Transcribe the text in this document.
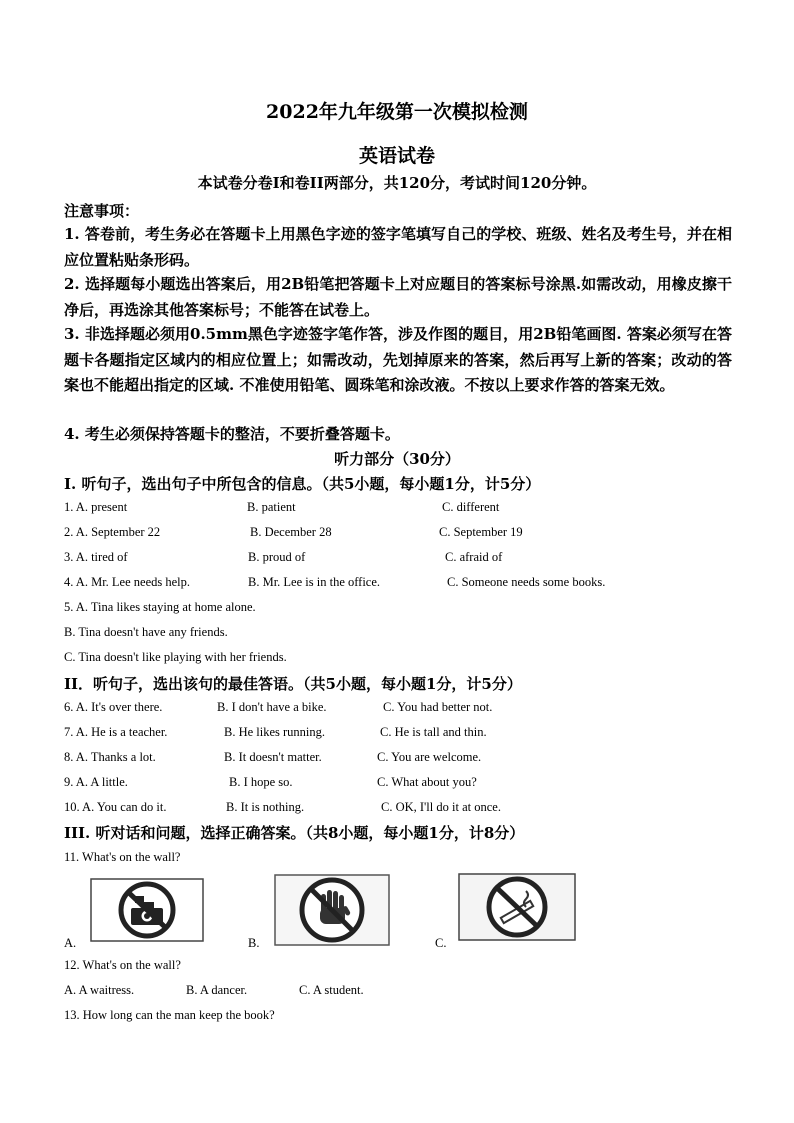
2022年九年级第一次模拟检测
英语试卷
本试卷分卷I和卷II两部分，共120分，考试时间120分钟。
注意事项：
1. 答卷前，考生务必在答题卡上用黑色字迹的签字笔填写自己的学校、班级、姓名及考生号，并在相应位置粘贴条形码。
2. 选择题每小题选出答案后，用2B铅笔把答题卡上对应题目的答案标号涂黑.如需改动，用橡皮擦干净后，再选涂其他答案标号；不能答在试卷上。
3. 非选择题必须用0.5mm黑色字迹签字笔作答，涉及作图的题目，用2B铅笔画图. 答案必须写在答题卡各题指定区域内的相应位置上；如需改动，先划掉原来的答案，然后再写上新的答案；改动的答案也不能超出指定的区域. 不准使用铅笔、圆珠笔和涂改液。不按以上要求作答的答案无效。
4. 考生必须保持答题卡的整洁，不要折叠答题卡。
听力部分（30分）
I. 听句子，选出句子中所包含的信息。（共5小题，每小题1分，计5分）
1. A. present	B. patient	C. different
2. A. September 22	B. December 28	C. September 19
3. A. tired of	B. proud of	C. afraid of
4. A. Mr. Lee needs help.	B. Mr. Lee is in the office.	C. Someone needs some books.
5. A. Tina likes staying at home alone.
B. Tina doesn't have any friends.
C. Tina doesn't like playing with her friends.
II．听句子，选出该句的最佳答语。（共5小题，每小题1分，计5分）
6. A. It's over there.	B. I don't have a bike.	C. You had better not.
7. A. He is a teacher.	B. He likes running.	C. He is tall and thin.
8. A. Thanks a lot.	B. It doesn't matter.	C. You are welcome.
9. A. A little.	B. I hope so.	C. What about you?
10. A. You can do it.	B. It is nothing.	C. OK, I'll do it at once.
III. 听对话和问题，选择正确答案。（共8小题，每小题1分，计8分）
11. What's on the wall?
A.	B.	C.
12. What's on the wall?
A. A waitress.	B. A dancer.	C. A student.
13. How long can the man keep the book?
